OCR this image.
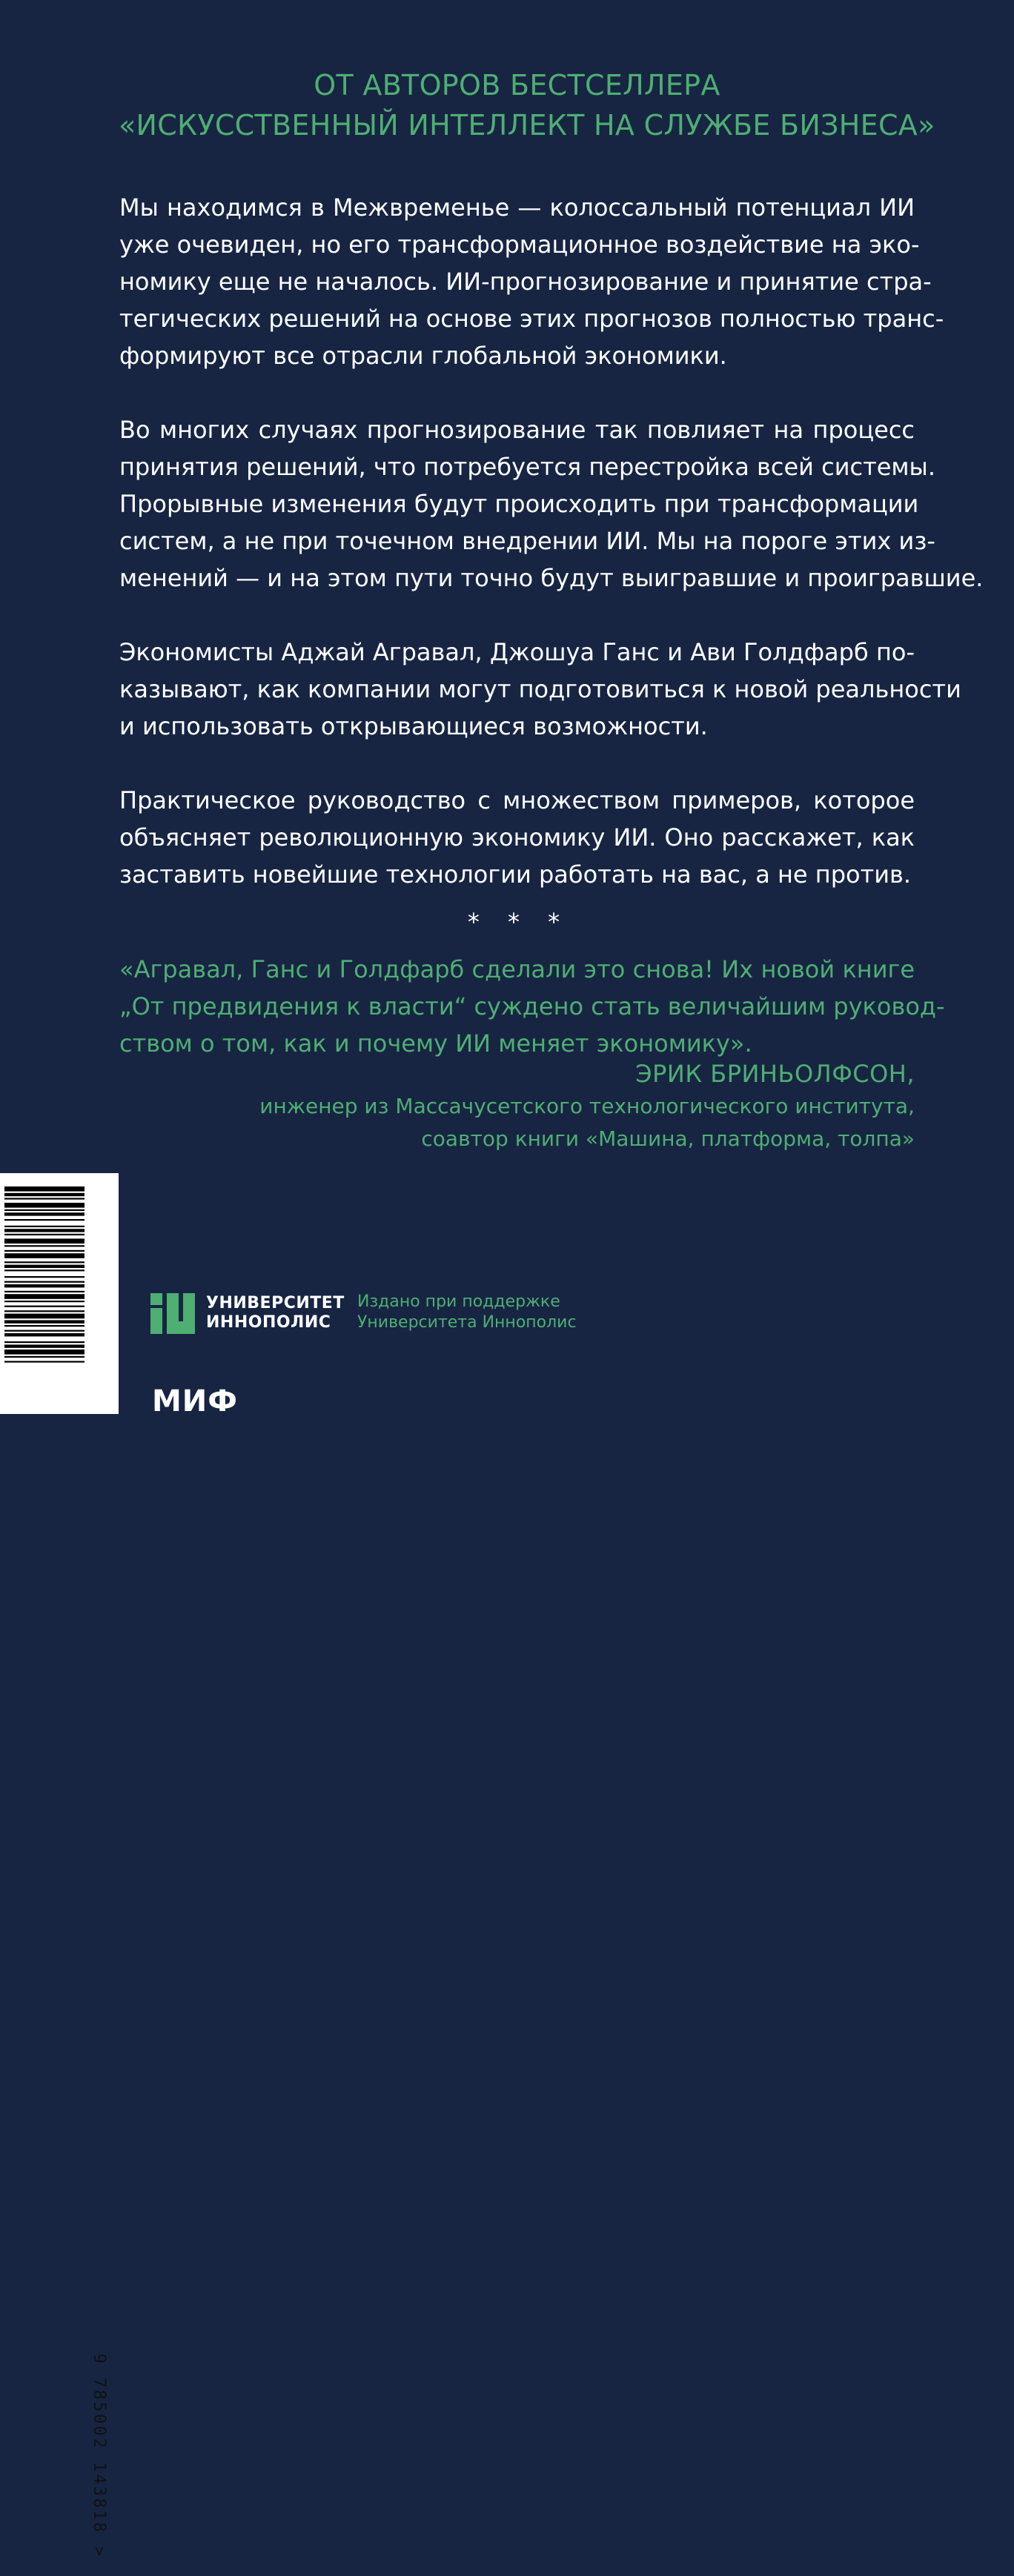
ОТ АВТОРОВ БЕСТСЕЛЛЕРА
«ИСКУССТВЕННЫЙ ИНТЕЛЛЕКТ НА СЛУЖБЕ БИЗНЕСА»
Мы находимся в Межвременье — колоссальный потенциал ИИ
уже очевиден, но его трансформационное воздействие на эко-
номику еще не началось. ИИ-прогнозирование и принятие стра-
тегических решений на основе этих прогнозов полностью транс-
формируют все отрасли глобальной экономики.
Во многих случаях прогнозирование так повлияет на процесс
принятия решений, что потребуется перестройка всей системы.
Прорывные изменения будут происходить при трансформации
систем, а не при точечном внедрении ИИ. Мы на пороге этих из-
менений — и на этом пути точно будут выигравшие и проигравшие.
Экономисты Аджай Агравал, Джошуа Ганс и Ави Голдфарб по-
казывают, как компании могут подготовиться к новой реальности
и использовать открывающиеся возможности.
Практическое руководство с множеством примеров, которое
объясняет революционную экономику ИИ. Оно расскажет, как
заставить новейшие технологии работать на вас, а не против.
* * *
«Агравал, Ганс и Голдфарб сделали это снова! Их новой книге
„От предвидения к власти“ суждено стать величайшим руковод-
ством о том, как и почему ИИ меняет экономику».
ЭРИК БРИНЬОЛФСОН,
инженер из Массачусетского технологического института,
соавтор книги «Машина, платформа, толпа»
9 785002 143818 >
УНИВЕРСИТЕТ
ИННОПОЛИС
Издано при поддержке
Университета Иннополис
МИФ
